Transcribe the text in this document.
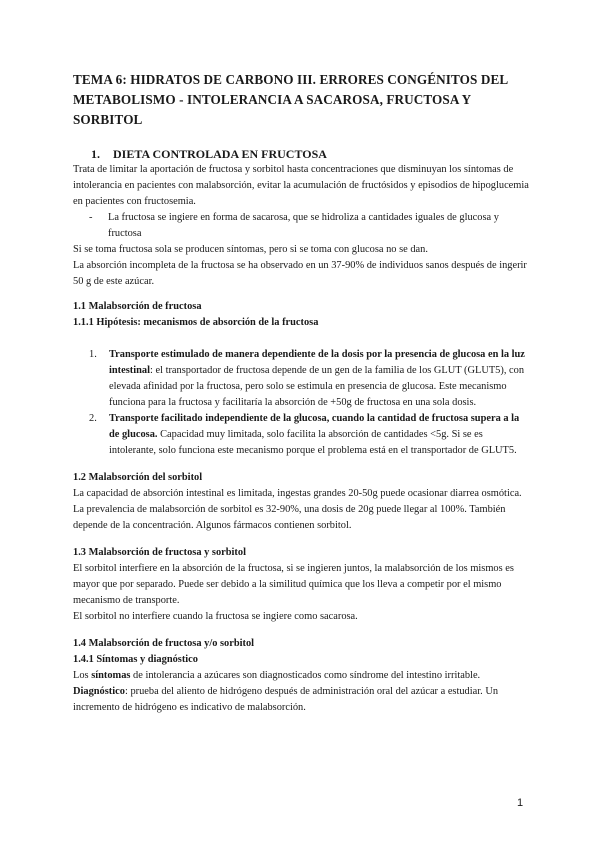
TEMA 6: HIDRATOS DE CARBONO III. ERRORES CONGÉNITOS DEL METABOLISMO - INTOLERANCIA A SACAROSA, FRUCTOSA Y SORBITOL
1.	DIETA CONTROLADA EN FRUCTOSA

Trata de limitar la aportación de fructosa y sorbitol hasta concentraciones que disminuyan los síntomas de intolerancia en pacientes con malabsorción, evitar la acumulación de fructósidos y episodios de hipoglucemia en pacientes con fructosemia.

-	La fructosa se ingiere en forma de sacarosa, que se hidroliza a cantidades iguales de glucosa y fructosa

Si se toma fructosa sola se producen síntomas, pero si se toma con glucosa no se dan.

La absorción incompleta de la fructosa se ha observado en un 37-90% de individuos sanos después de ingerir 50 g de este azúcar.

1.1 Malabsorción de fructosa
1.1.1 Hipótesis: mecanismos de absorción de la fructosa
1.	Transporte estimulado de manera dependiente de la dosis por la presencia de glucosa en la luz intestinal: el transportador de fructosa depende de un gen de la familia de los GLUT (GLUT5), con elevada afinidad por la fructosa, pero solo se estimula en presencia de glucosa. Este mecanismo funciona para la fructosa y facilitaría la absorción de +50g de fructosa en una sola dosis.
2.	Transporte facilitado independiente de la glucosa, cuando la cantidad de fructosa supera a la de glucosa. Capacidad muy limitada, solo facilita la absorción de cantidades <5g. Si se es intolerante, solo funciona este mecanismo porque el problema está en el transportador de GLUT5.
1.2 Malabsorción del sorbitol

La capacidad de absorción intestinal es limitada, ingestas grandes 20-50g puede ocasionar diarrea osmótica.

La prevalencia de malabsorción de sorbitol es 32-90%, una dosis de 20g puede llegar al 100%. También depende de la concentración. Algunos fármacos contienen sorbitol.

1.3 Malabsorción de fructosa y sorbitol

El sorbitol interfiere en la absorción de la fructosa, si se ingieren juntos, la malabsorción de los mismos es mayor que por separado. Puede ser debido a la similitud química que los lleva a competir por el mismo mecanismo de transporte.

El sorbitol no interfiere cuando la fructosa se ingiere como sacarosa.

1.4 Malabsorción de fructosa y/o sorbitol
1.4.1 Síntomas y diagnóstico

Los síntomas de intolerancia a azúcares son diagnosticados como síndrome del intestino irritable.

Diagnóstico: prueba del aliento de hidrógeno después de administración oral del azúcar a estudiar. Un incremento de hidrógeno es indicativo de malabsorción.

1
